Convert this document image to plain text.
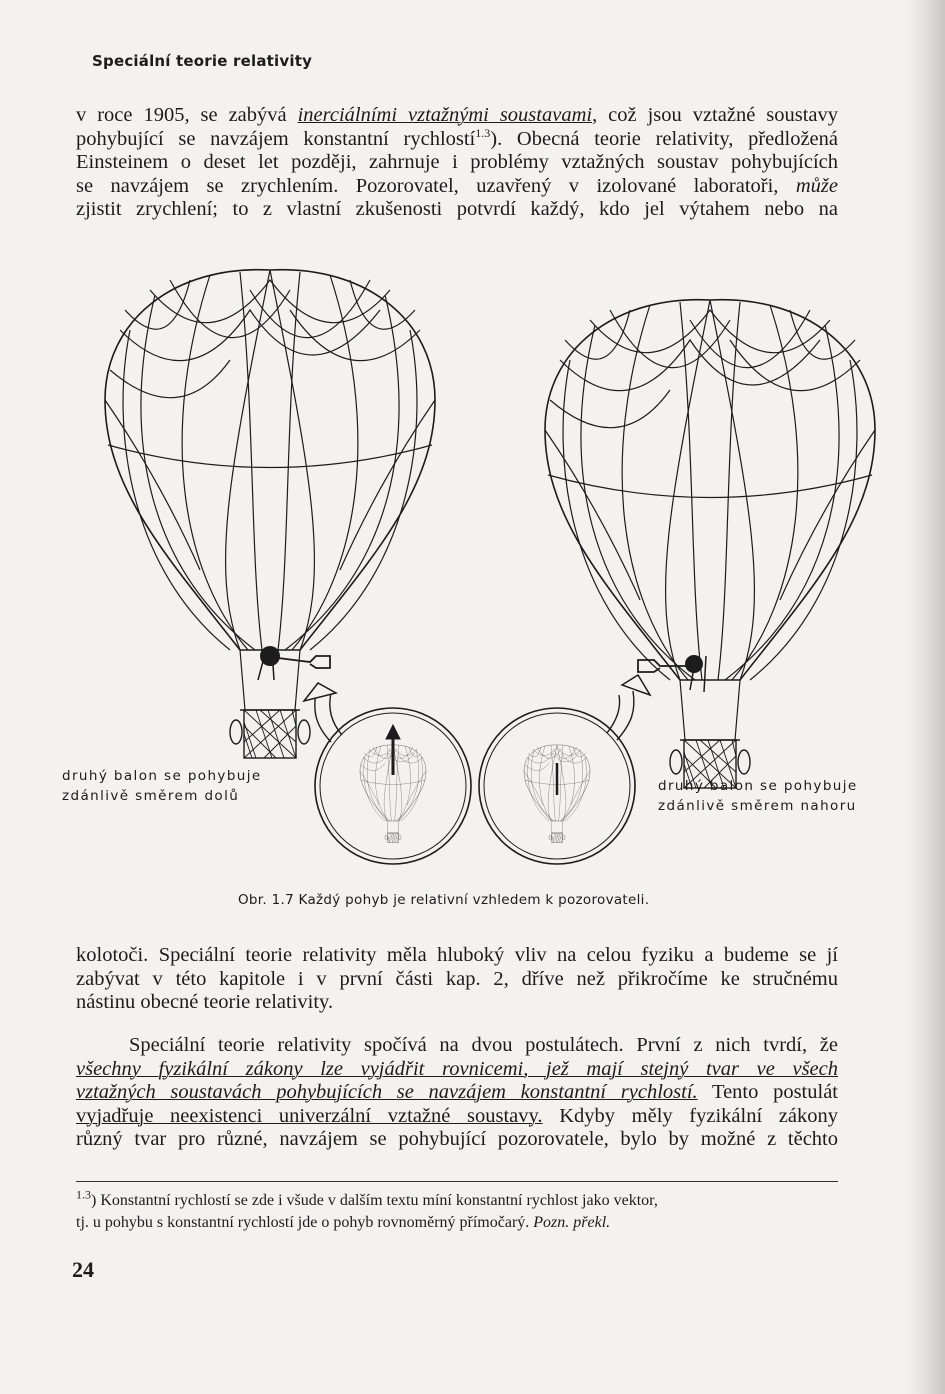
Speciální teorie relativity
v roce 1905, se zabývá inerciálními vztažnými soustavami, což jsou vztažné soustavy
pohybující se navzájem konstantní rychlostí$^{1.3}$). Obecná teorie relativity, předložená
Einsteinem o deset let později, zahrnuje i problémy vztažných soustav pohybujících
se navzájem se zrychlením. Pozorovatel, uzavřený v izolované laboratoři, může
zjistit zrychlení; to z vlastní zkušenosti potvrdí každý, kdo jel výtahem nebo na
druhý balon se pohybuje
zdánlivě směrem dolů
druhý balon se pohybuje
zdánlivě směrem nahoru
Obr. 1.7 Každý pohyb je relativní vzhledem k pozorovateli.
kolotoči. Speciální teorie relativity měla hluboký vliv na celou fyziku a budeme se jí
zabývat v této kapitole i v první části kap. 2, dříve než přikročíme ke stručnému
nástinu obecné teorie relativity.
Speciální teorie relativity spočívá na dvou postulátech. První z nich tvrdí, že
všechny fyzikální zákony lze vyjádřit rovnicemi, jež mají stejný tvar ve všech
vztažných soustavách pohybujících se navzájem konstantní rychlostí. Tento postulát
vyjadřuje neexistenci univerzální vztažné soustavy. Kdyby měly fyzikální zákony
různý tvar pro různé, navzájem se pohybující pozorovatele, bylo by možné z těchto
$^{1.3}$) Konstantní rychlostí se zde i všude v dalším textu míní konstantní rychlost jako vektor,
tj. u pohybu s konstantní rychlostí jde o pohyb rovnoměrný přímočarý. Pozn. překl.
24
